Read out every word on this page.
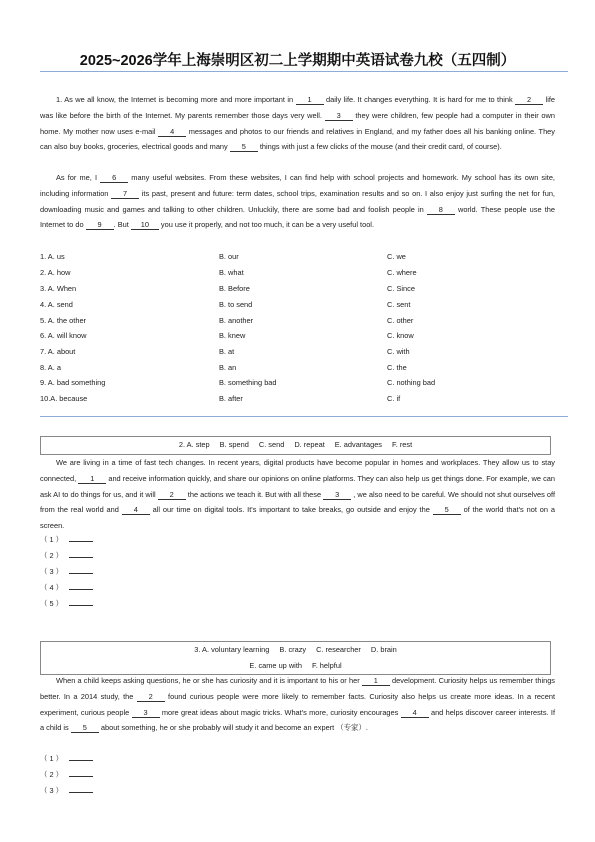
2025~2026学年上海崇明区初二上学期期中英语试卷九校（五四制）

1. As we all know, the Internet is becoming more and more important in 1 daily life. It changes everything. It is hard for me to think 2 life was like before the birth of the Internet. My parents remember those days very well. 3 they were children, few people had a computer in their own home. My mother now uses e-mail 4 messages and photos to our friends and relatives in England, and my father does all his banking online. They can also buy books, groceries, electrical goods and many 5 things with just a few clicks of the mouse (and their credit card, of course).

As for me, I 6 many useful websites. From these websites, I can find help with school projects and homework. My school has its own site, including information 7 its past, present and future: term dates, school trips, examination results and so on. I also enjoy just surfing the net for fun, downloading music and games and talking to other children. Unluckily, there are some bad and foolish people in 8 world. These people use the Internet to do 9 . But 10 you use it properly, and not too much, it can be a very useful tool.

1. A. us	B. our	C. we
2. A. how	B. what	C. where
3. A. When	B. Before	C. Since
4. A. send	B. to send	C. sent
5. A. the other	B. another	C. other
6. A. will know	B. knew	C. know
7. A. about	B. at	C. with
8. A. a	B. an	C. the
9. A. bad something	B. something bad	C. nothing bad
10.A. because	B. after	C. if
2. A. step B. spend C. send D. repeat E. advantages F. rest

We are living in a time of fast tech changes. In recent years, digital products have become popular in homes and workplaces. They allow us to stay connected, 1 and receive information quickly, and share our opinions on online platforms. They can also help us get things done. For example, we can ask AI to do things for us, and it will 2 the actions we teach it. But with all these 3 , we also need to be careful. We should not shut ourselves off from the real world and 4 all our time on digital tools. It's important to take breaks, go outside and enjoy the 5 of the world that's not on a screen.

（ 1 ）
（ 2 ）
（ 3 ）
（ 4 ）
（ 5 ）
3. A. voluntary learning B. crazy C. researcher D. brain
E. came up with F. helpful

When a child keeps asking questions, he or she has curiosity and it is important to his or her 1 development. Curiosity helps us remember things better. In a 2014 study, the 2 found curious people were more likely to remember facts. Curiosity also helps us create more ideas. In a recent experiment, curious people 3 more great ideas about magic tricks. What's more, curiosity encourages 4 and helps discover career interests. If a child is 5 about something, he or she probably will study it and become an expert （专家）.

（ 1 ）
（ 2 ）
（ 3 ）
